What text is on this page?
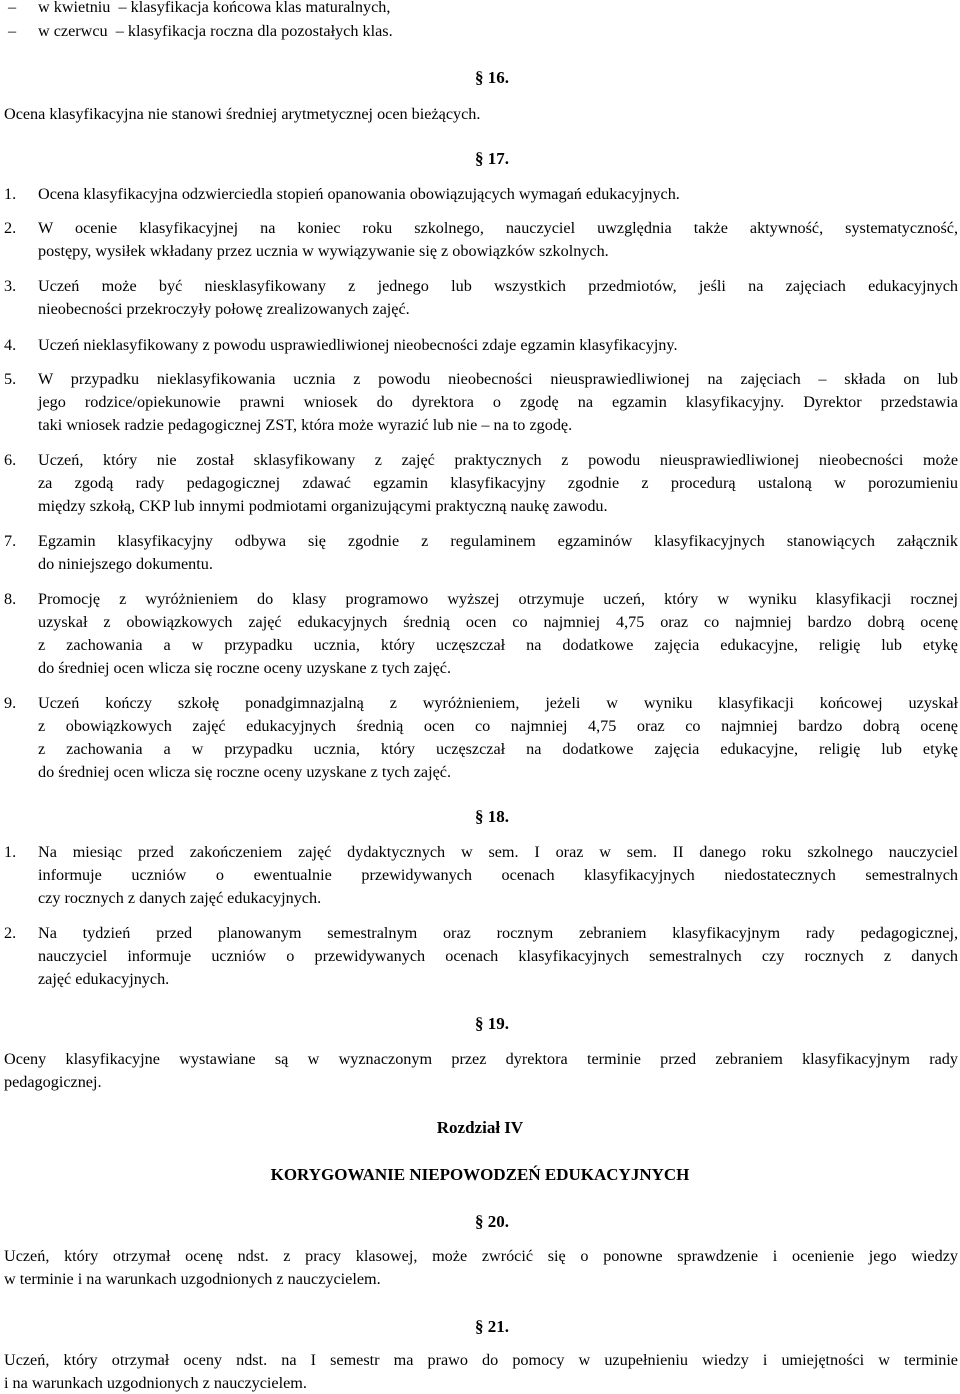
– w kwietniu  – klasyfikacja końcowa klas maturalnych,
– w czerwcu  – klasyfikacja roczna dla pozostałych klas.
§ 16.
Ocena klasyfikacyjna nie stanowi średniej arytmetycznej ocen bieżących.
§ 17.
1. Ocena klasyfikacyjna odzwierciedla stopień opanowania obowiązujących wymagań edukacyjnych.
2. W ocenie klasyfikacyjnej na koniec roku szkolnego, nauczyciel uwzględnia także aktywność, systematyczność,
postępy, wysiłek wkładany przez ucznia w wywiązywanie się z obowiązków szkolnych.
3. Uczeń może być niesklasyfikowany z jednego lub wszystkich przedmiotów, jeśli na zajęciach edukacyjnych
nieobecności przekroczyły połowę zrealizowanych zajęć.
4. Uczeń nieklasyfikowany z powodu usprawiedliwionej nieobecności zdaje egzamin klasyfikacyjny.
5. W przypadku nieklasyfikowania ucznia z powodu nieobecności nieusprawiedliwionej na zajęciach – składa on lub
jego rodzice/opiekunowie prawni wniosek do dyrektora o zgodę na egzamin klasyfikacyjny. Dyrektor przedstawia
taki wniosek radzie pedagogicznej ZST, która może wyrazić lub nie – na to zgodę.
6. Uczeń, który nie został sklasyfikowany z zajęć praktycznych z powodu nieusprawiedliwionej nieobecności może
za zgodą rady pedagogicznej zdawać egzamin klasyfikacyjny zgodnie z procedurą ustaloną w porozumieniu
między szkołą, CKP lub innymi podmiotami organizującymi praktyczną naukę zawodu.
7. Egzamin klasyfikacyjny odbywa się zgodnie z regulaminem egzaminów klasyfikacyjnych stanowiących załącznik
do niniejszego dokumentu.
8. Promocję z wyróżnieniem do klasy programowo wyższej otrzymuje uczeń, który w wyniku klasyfikacji rocznej
uzyskał z obowiązkowych zajęć edukacyjnych średnią ocen co najmniej 4,75 oraz co najmniej bardzo dobrą ocenę
z zachowania a w przypadku ucznia, który uczęszczał na dodatkowe zajęcia edukacyjne, religię lub etykę
do średniej ocen wlicza się roczne oceny uzyskane z tych zajęć.
9. Uczeń kończy szkołę ponadgimnazjalną z wyróżnieniem, jeżeli w wyniku klasyfikacji końcowej uzyskał
z obowiązkowych zajęć edukacyjnych średnią ocen co najmniej 4,75 oraz co najmniej bardzo dobrą ocenę
z zachowania a w przypadku ucznia, który uczęszczał na dodatkowe zajęcia edukacyjne, religię lub etykę
do średniej ocen wlicza się roczne oceny uzyskane z tych zajęć.
§ 18.
1. Na miesiąc przed zakończeniem zajęć dydaktycznych w sem. I oraz w sem. II danego roku szkolnego nauczyciel
informuje uczniów o ewentualnie przewidywanych ocenach klasyfikacyjnych niedostatecznych semestralnych
czy rocznych z danych zajęć edukacyjnych.
2. Na tydzień przed planowanym semestralnym oraz rocznym zebraniem klasyfikacyjnym rady pedagogicznej,
nauczyciel informuje uczniów o przewidywanych ocenach klasyfikacyjnych semestralnych czy rocznych z danych
zajęć edukacyjnych.
§ 19.
Oceny klasyfikacyjne wystawiane są w wyznaczonym przez dyrektora terminie przed zebraniem klasyfikacyjnym rady
pedagogicznej.
Rozdział IV
KORYGOWANIE NIEPOWODZEŃ EDUKACYJNYCH
§ 20.
Uczeń, który otrzymał ocenę ndst. z pracy klasowej, może zwrócić się o ponowne sprawdzenie i ocenienie jego wiedzy
w terminie i na warunkach uzgodnionych z nauczycielem.
§ 21.
Uczeń, który otrzymał oceny ndst. na I semestr ma prawo do pomocy w uzupełnieniu wiedzy i umiejętności w terminie
i na warunkach uzgodnionych z nauczycielem.
